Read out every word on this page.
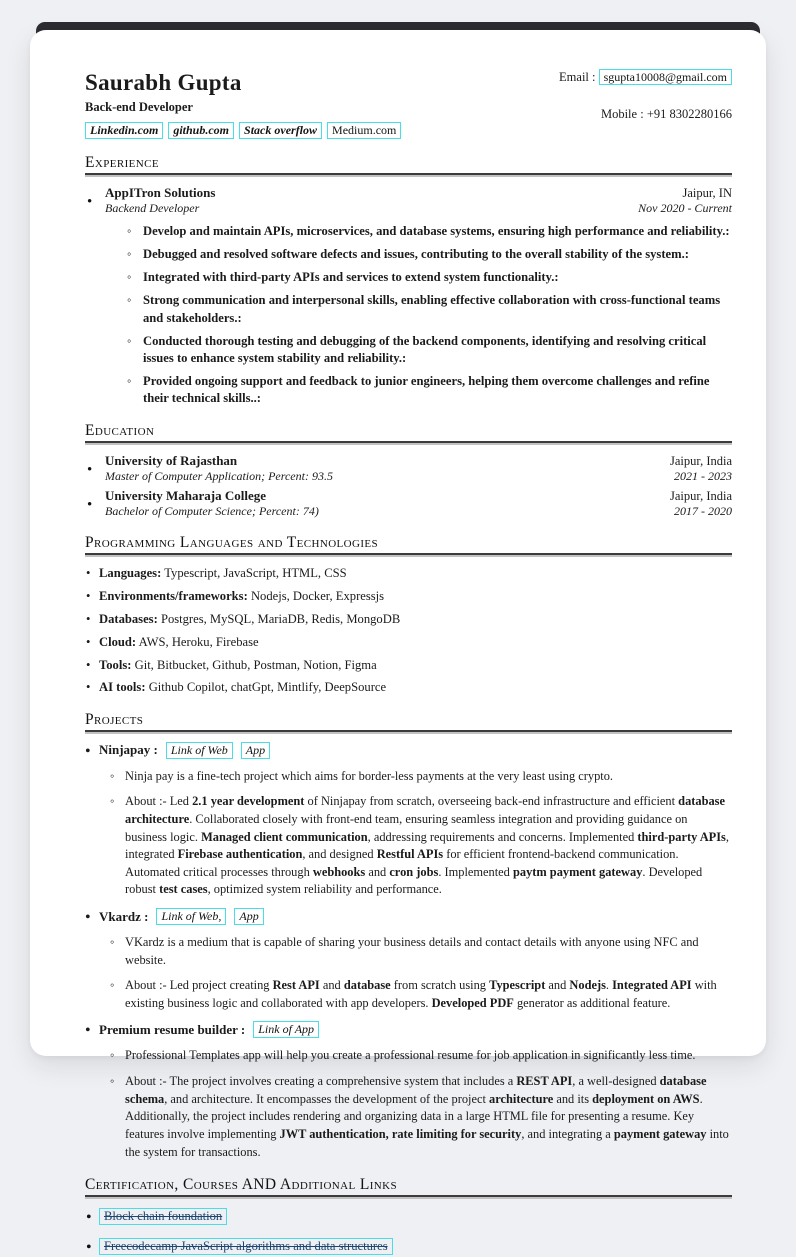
Saurabh Gupta
Back-end Developer
Linkedin.com	github.com	Stack overflow	Medium.com
Email : sgupta10008@gmail.com
Mobile : +91 8302280166
Experience
• AppITron Solutions	Jaipur, IN
Backend Developer	Nov 2020 - Current
◦ Develop and maintain APIs, microservices, and database systems, ensuring high performance and reliability.:
◦ Debugged and resolved software defects and issues, contributing to the overall stability of the system.:
◦ Integrated with third-party APIs and services to extend system functionality.:
◦ Strong communication and interpersonal skills, enabling effective collaboration with cross-functional teams and stakeholders.:
◦ Conducted thorough testing and debugging of the backend components, identifying and resolving critical issues to enhance system stability and reliability.:
◦ Provided ongoing support and feedback to junior engineers, helping them overcome challenges and refine their technical skills..:
Education
• University of Rajasthan	Jaipur, India
Master of Computer Application; Percent: 93.5	2021 - 2023
• University Maharaja College	Jaipur, India
Bachelor of Computer Science; Percent: 74)	2017 - 2020
Programming Languages and Technologies
• Languages: Typescript, JavaScript, HTML, CSS
• Environments/frameworks: Nodejs, Docker, Expressjs
• Databases: Postgres, MySQL, MariaDB, Redis, MongoDB
• Cloud: AWS, Heroku, Firebase
• Tools: Git, Bitbucket, Github, Postman, Notion, Figma
• AI tools: Github Copilot, chatGpt, Mintlify, DeepSource
Projects
• Ninjapay :	Link of Web	App
◦ Ninja pay is a fine-tech project which aims for border-less payments at the very least using crypto.
◦ About :- Led 2.1 year development of Ninjapay from scratch, overseeing back-end infrastructure and efficient database architecture. Collaborated closely with front-end team, ensuring seamless integration and providing guidance on business logic. Managed client communication, addressing requirements and concerns. Implemented third-party APIs, integrated Firebase authentication, and designed Restful APIs for efficient frontend-backend communication. Automated critical processes through webhooks and cron jobs. Implemented paytm payment gateway. Developed robust test cases, optimized system reliability and performance.
• Vkardz :	Link of Web,	App
◦ VKardz is a medium that is capable of sharing your business details and contact details with anyone using NFC and website.
◦ About :- Led project creating Rest API and database from scratch using Typescript and Nodejs. Integrated API with existing business logic and collaborated with app developers. Developed PDF generator as additional feature.
• Premium resume builder :	Link of App
◦ Professional Templates app will help you create a professional resume for job application in significantly less time.
◦ About :- The project involves creating a comprehensive system that includes a REST API, a well-designed database schema, and architecture. It encompasses the development of the project architecture and its deployment on AWS. Additionally, the project includes rendering and organizing data in a large HTML file for presenting a resume. Key features involve implementing JWT authentication, rate limiting for security, and integrating a payment gateway into the system for transactions.
Certification, Courses AND Additional Links
• Block chain foundation
• Freecodecamp JavaScript algorithms and data structures
